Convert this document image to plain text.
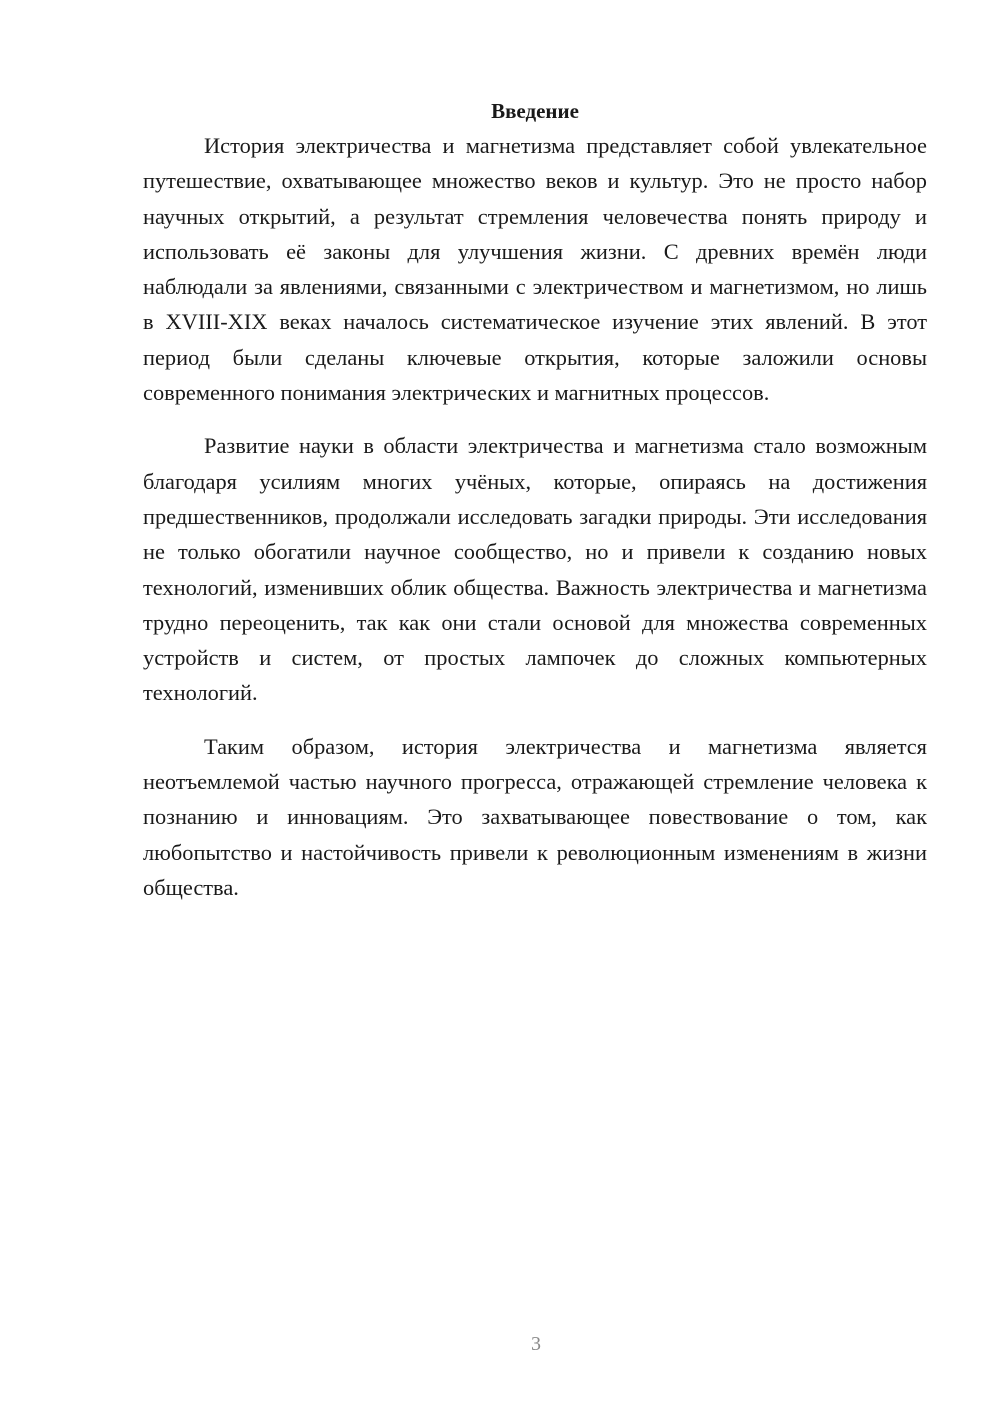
Введение

История электричества и магнетизма представляет собой увлекательное путешествие, охватывающее множество веков и культур. Это не просто набор научных открытий, а результат стремления человечества понять природу и использовать её законы для улучшения жизни. С древних времён люди наблюдали за явлениями, связанными с электричеством и магнетизмом, но лишь в XVIII-XIX веках началось систематическое изучение этих явлений. В этот период были сделаны ключевые открытия, которые заложили основы современного понимания электрических и магнитных процессов.

Развитие науки в области электричества и магнетизма стало возможным благодаря усилиям многих учёных, которые, опираясь на достижения предшественников, продолжали исследовать загадки природы. Эти исследования не только обогатили научное сообщество, но и привели к созданию новых технологий, изменивших облик общества. Важность электричества и магнетизма трудно переоценить, так как они стали основой для множества современных устройств и систем, от простых лампочек до сложных компьютерных технологий.

Таким образом, история электричества и магнетизма является неотъемлемой частью научного прогресса, отражающей стремление человека к познанию и инновациям. Это захватывающее повествование о том, как любопытство и настойчивость привели к революционным изменениям в жизни общества.

3
